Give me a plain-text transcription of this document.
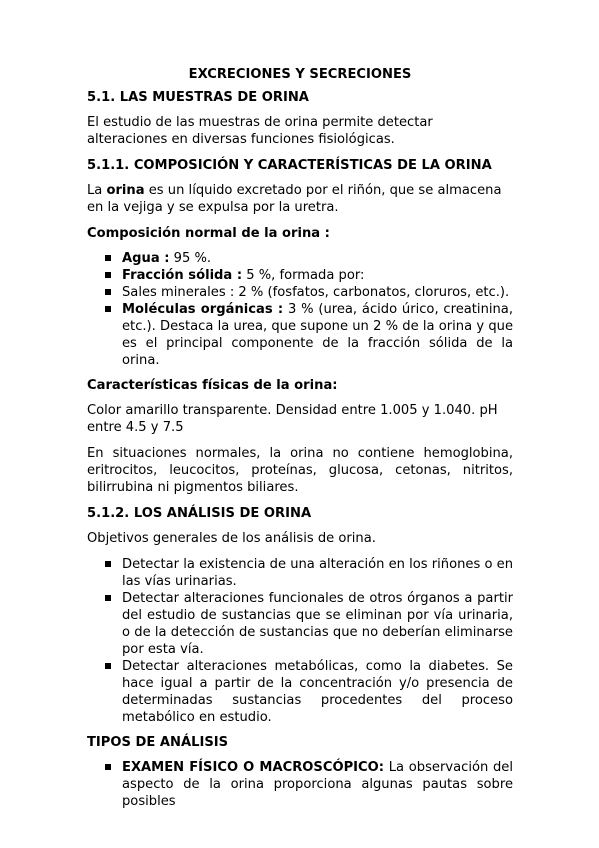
EXCRECIONES Y SECRECIONES
5.1. LAS MUESTRAS DE ORINA

El estudio de las muestras de orina permite detectar alteraciones en diversas funciones fisiológicas.

5.1.1. COMPOSICIÓN Y CARACTERÍSTICAS DE LA ORINA

La orina es un líquido excretado por el riñón, que se almacena en la vejiga y se expulsa por la uretra.

Composición normal de la orina :
Agua : 95 %.
Fracción sólida : 5 %, formada por:
Sales minerales : 2 % (fosfatos, carbonatos, cloruros, etc.).
Moléculas orgánicas : 3 % (urea, ácido úrico, creatinina, etc.). Destaca la urea, que supone un 2 % de la orina y que es el principal componente de la fracción sólida de la orina.
Características físicas de la orina:

Color amarillo transparente. Densidad entre 1.005 y 1.040. pH entre 4.5 y 7.5

En situaciones normales, la orina no contiene hemoglobina, eritrocitos, leucocitos, proteínas, glucosa, cetonas, nitritos, bilirrubina ni pigmentos biliares.

5.1.2. LOS ANÁLISIS DE ORINA

Objetivos generales de los análisis de orina.

Detectar la existencia de una alteración en los riñones o en las vías urinarias.
Detectar alteraciones funcionales de otros órganos a partir del estudio de sustancias que se eliminan por vía urinaria, o de la detección de sustancias que no deberían eliminarse por esta vía.
Detectar alteraciones metabólicas, como la diabetes. Se hace igual a partir de la concentración y/o presencia de determinadas sustancias procedentes del proceso metabólico en estudio.
TIPOS DE ANÁLISIS
EXAMEN FÍSICO O MACROSCÓPICO: La observación del aspecto de la orina proporciona algunas pautas sobre posibles
